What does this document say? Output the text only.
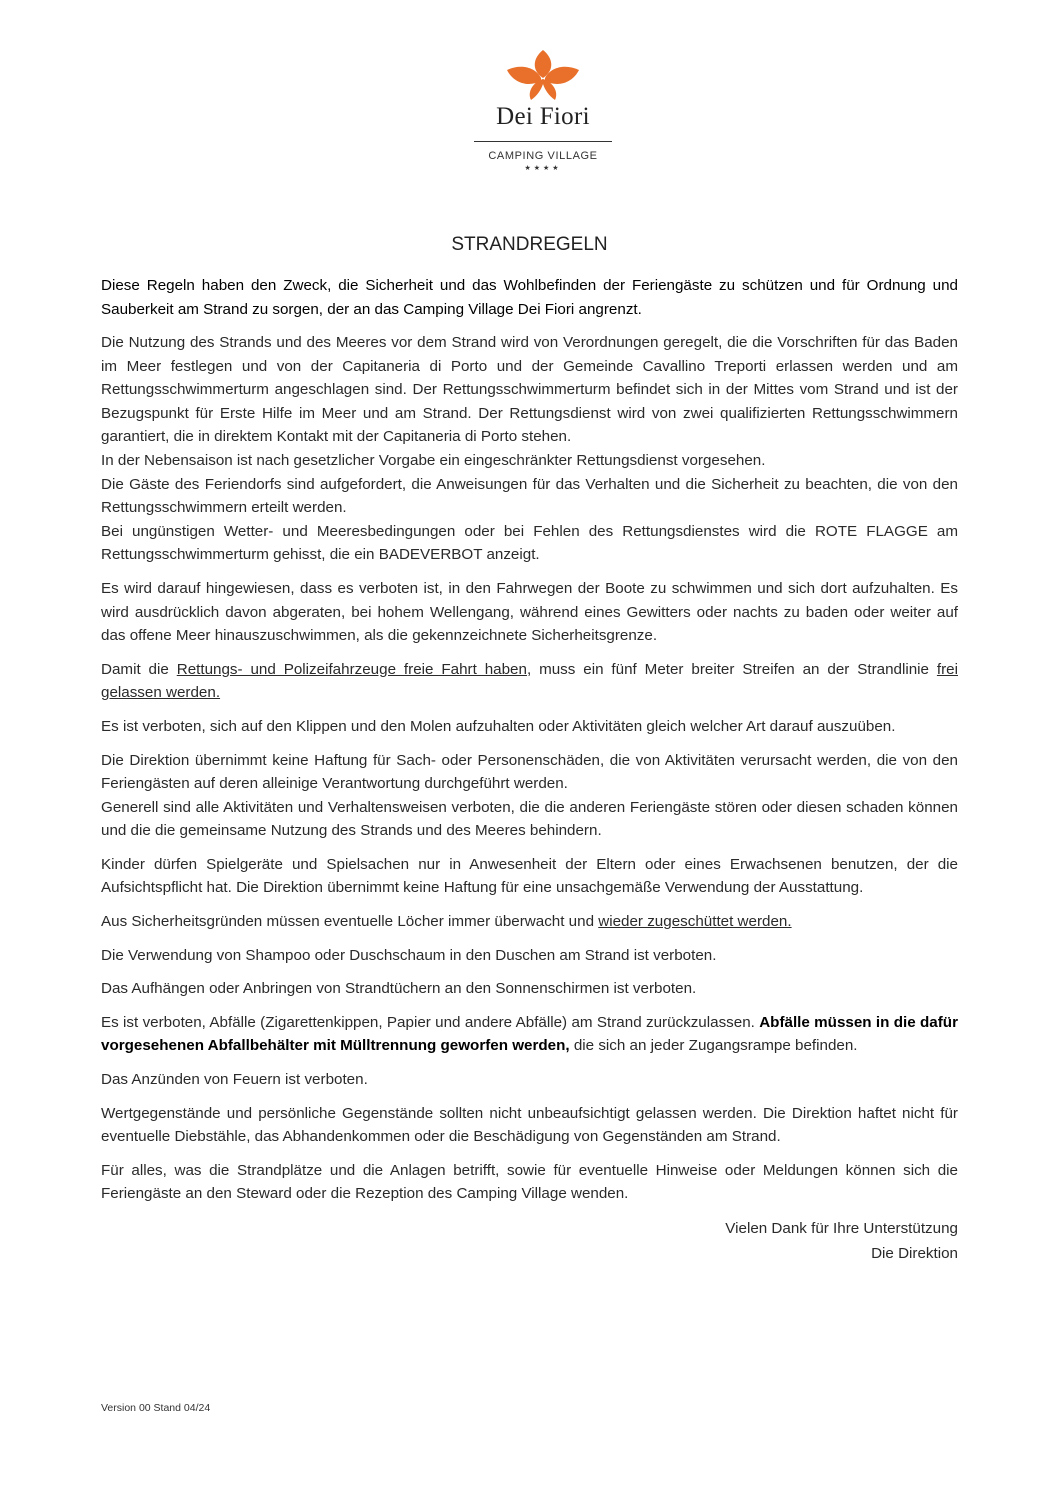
Dei Fiori
CAMPING VILLAGE
★★★★
STRANDREGELN
Diese Regeln haben den Zweck, die Sicherheit und das Wohlbefinden der Feriengäste zu schützen und für Ordnung und Sauberkeit am Strand zu sorgen, der an das Camping Village Dei Fiori angrenzt.

Die Nutzung des Strands und des Meeres vor dem Strand wird von Verordnungen geregelt, die die Vorschriften für das Baden im Meer festlegen und von der Capitaneria di Porto und der Gemeinde Cavallino Treporti erlassen werden und am Rettungsschwimmerturm angeschlagen sind. Der Rettungsschwimmerturm befindet sich in der Mittes vom Strand und ist der Bezugspunkt für Erste Hilfe im Meer und am Strand. Der Rettungsdienst wird von zwei qualifizierten Rettungsschwimmern garantiert, die in direktem Kontakt mit der Capitaneria di Porto stehen.

In der Nebensaison ist nach gesetzlicher Vorgabe ein eingeschränkter Rettungsdienst vorgesehen.

Die Gäste des Feriendorfs sind aufgefordert, die Anweisungen für das Verhalten und die Sicherheit zu beachten, die von den Rettungsschwimmern erteilt werden.

Bei ungünstigen Wetter- und Meeresbedingungen oder bei Fehlen des Rettungsdienstes wird die ROTE FLAGGE am Rettungsschwimmerturm gehisst, die ein BADEVERBOT anzeigt.

Es wird darauf hingewiesen, dass es verboten ist, in den Fahrwegen der Boote zu schwimmen und sich dort aufzuhalten. Es wird ausdrücklich davon abgeraten, bei hohem Wellengang, während eines Gewitters oder nachts zu baden oder weiter auf das offene Meer hinauszuschwimmen, als die gekennzeichnete Sicherheitsgrenze.

Damit die Rettungs- und Polizeifahrzeuge freie Fahrt haben, muss ein fünf Meter breiter Streifen an der Strandlinie frei gelassen werden.

Es ist verboten, sich auf den Klippen und den Molen aufzuhalten oder Aktivitäten gleich welcher Art darauf auszuüben.

Die Direktion übernimmt keine Haftung für Sach- oder Personenschäden, die von Aktivitäten verursacht werden, die von den Feriengästen auf deren alleinige Verantwortung durchgeführt werden.

Generell sind alle Aktivitäten und Verhaltensweisen verboten, die die anderen Feriengäste stören oder diesen schaden können und die die gemeinsame Nutzung des Strands und des Meeres behindern.

Kinder dürfen Spielgeräte und Spielsachen nur in Anwesenheit der Eltern oder eines Erwachsenen benutzen, der die Aufsichtspflicht hat. Die Direktion übernimmt keine Haftung für eine unsachgemäße Verwendung der Ausstattung.

Aus Sicherheitsgründen müssen eventuelle Löcher immer überwacht und wieder zugeschüttet werden.

Die Verwendung von Shampoo oder Duschschaum in den Duschen am Strand ist verboten.

Das Aufhängen oder Anbringen von Strandtüchern an den Sonnenschirmen ist verboten.

Es ist verboten, Abfälle (Zigarettenkippen, Papier und andere Abfälle) am Strand zurückzulassen. Abfälle müssen in die dafür vorgesehenen Abfallbehälter mit Mülltrennung geworfen werden, die sich an jeder Zugangsrampe befinden.

Das Anzünden von Feuern ist verboten.

Wertgegenstände und persönliche Gegenstände sollten nicht unbeaufsichtigt gelassen werden. Die Direktion haftet nicht für eventuelle Diebstähle, das Abhandenkommen oder die Beschädigung von Gegenständen am Strand.

Für alles, was die Strandplätze und die Anlagen betrifft, sowie für eventuelle Hinweise oder Meldungen können sich die Feriengäste an den Steward oder die Rezeption des Camping Village wenden.

Vielen Dank für Ihre Unterstützung
Die Direktion
Version 00 Stand 04/24
